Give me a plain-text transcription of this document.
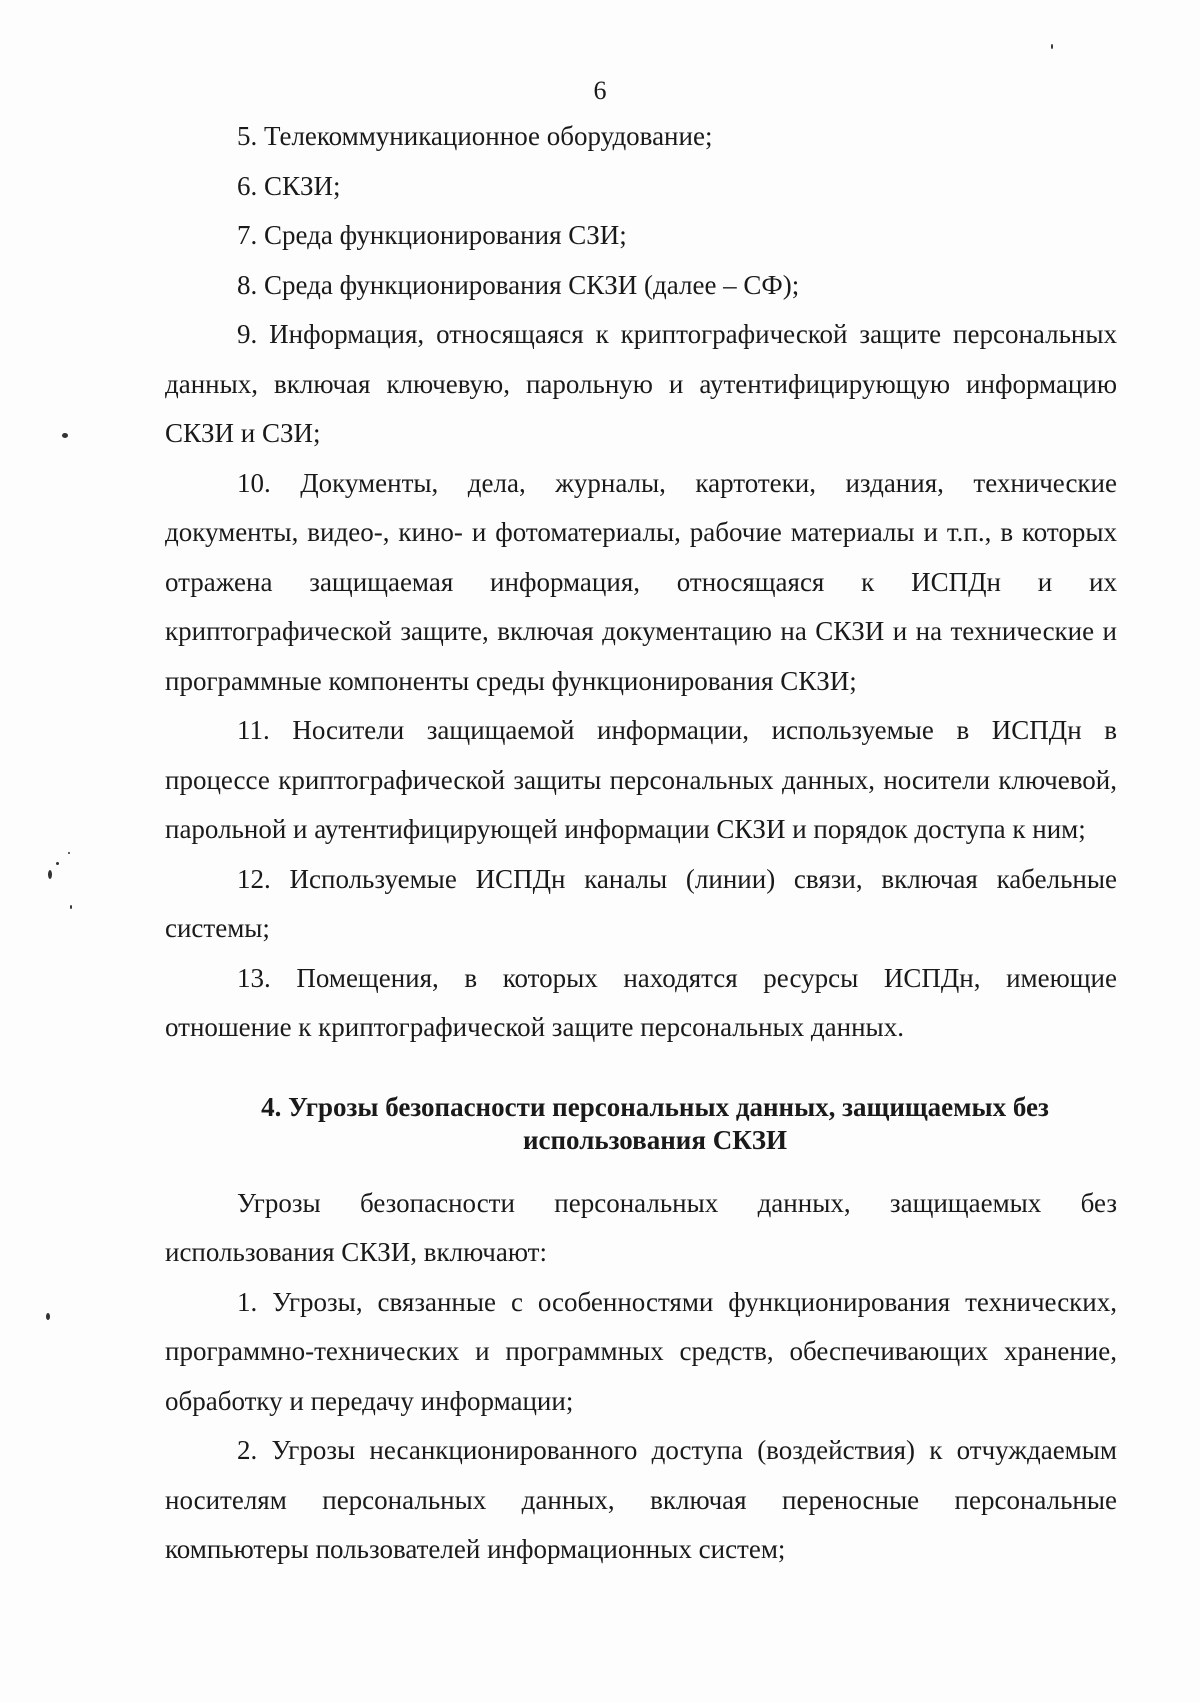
6

5. Телекоммуникационное оборудование;

6. СКЗИ;

7. Среда функционирования СЗИ;

8. Среда функционирования СКЗИ (далее – СФ);

9. Информация, относящаяся к криптографической защите персональных данных, включая ключевую, парольную и аутентифицирующую информацию СКЗИ и СЗИ;

10. Документы, дела, журналы, картотеки, издания, технические документы, видео-, кино- и фотоматериалы, рабочие материалы и т.п., в которых отражена защищаемая информация, относящаяся к ИСПДн и их криптографической защите, включая документацию на СКЗИ и на технические и программные компоненты среды функционирования СКЗИ;

11. Носители защищаемой информации, используемые в ИСПДн в процессе криптографической защиты персональных данных, носители ключевой, парольной и аутентифицирующей информации СКЗИ и порядок доступа к ним;

12. Используемые ИСПДн каналы (линии) связи, включая кабельные системы;

13. Помещения, в которых находятся ресурсы ИСПДн, имеющие отношение к криптографической защите персональных данных.

4. Угрозы безопасности персональных данных, защищаемых без
использования СКЗИ

Угрозы безопасности персональных данных, защищаемых без использования СКЗИ, включают:

1. Угрозы, связанные с особенностями функционирования технических, программно-технических и программных средств, обеспечивающих хранение, обработку и передачу информации;

2. Угрозы несанкционированного доступа (воздействия) к отчуждаемым носителям персональных данных, включая переносные персональные компьютеры пользователей информационных систем;
